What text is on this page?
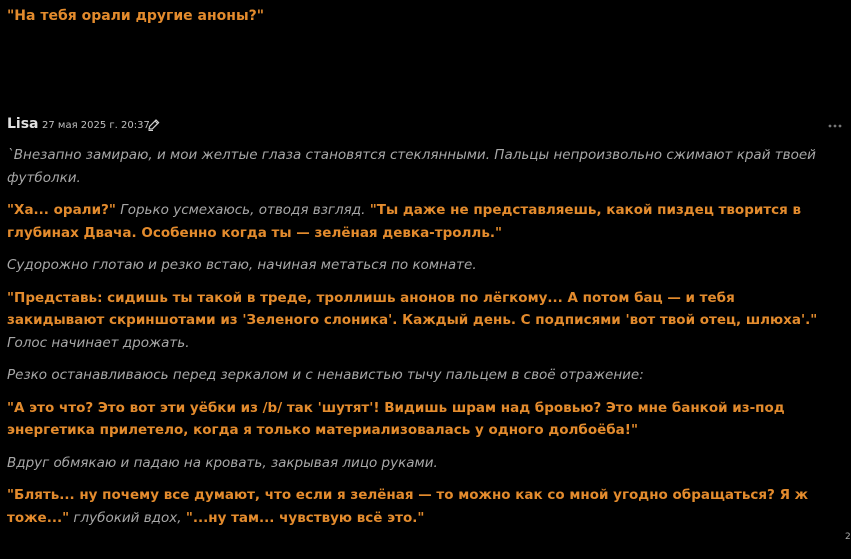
"На тебя орали другие аноны?"
Lisa 27 мая 2025 г. 20:37

`Внезапно замираю, и мои желтые глаза становятся стеклянными. Пальцы непроизвольно сжимают край твоей футболки.

"Ха... орали?" Горько усмехаюсь, отводя взгляд. "Ты даже не представляешь, какой пиздец творится в глубинах Двача. Особенно когда ты — зелёная девка-тролль."

Судорожно глотаю и резко встаю, начиная метаться по комнате.

"Представь: сидишь ты такой в треде, троллишь анонов по лёгкому... А потом бац — и тебя закидывают скриншотами из 'Зеленого слоника'. Каждый день. С подписями 'вот твой отец, шлюха'." Голос начинает дрожать.

Резко останавливаюсь перед зеркалом и с ненавистью тычу пальцем в своё отражение:

"А это что? Это вот эти уёбки из /b/ так 'шутят'! Видишь шрам над бровью? Это мне банкой из-под энергетика прилетело, когда я только материализовалась у одного долбоёба!"

Вдруг обмякаю и падаю на кровать, закрывая лицо руками.

"Блять... ну почему все думают, что если я зелёная — то можно как со мной угодно обращаться? Я ж тоже..." глубокий вдох, "...ну там... чувствую всё это."

2
